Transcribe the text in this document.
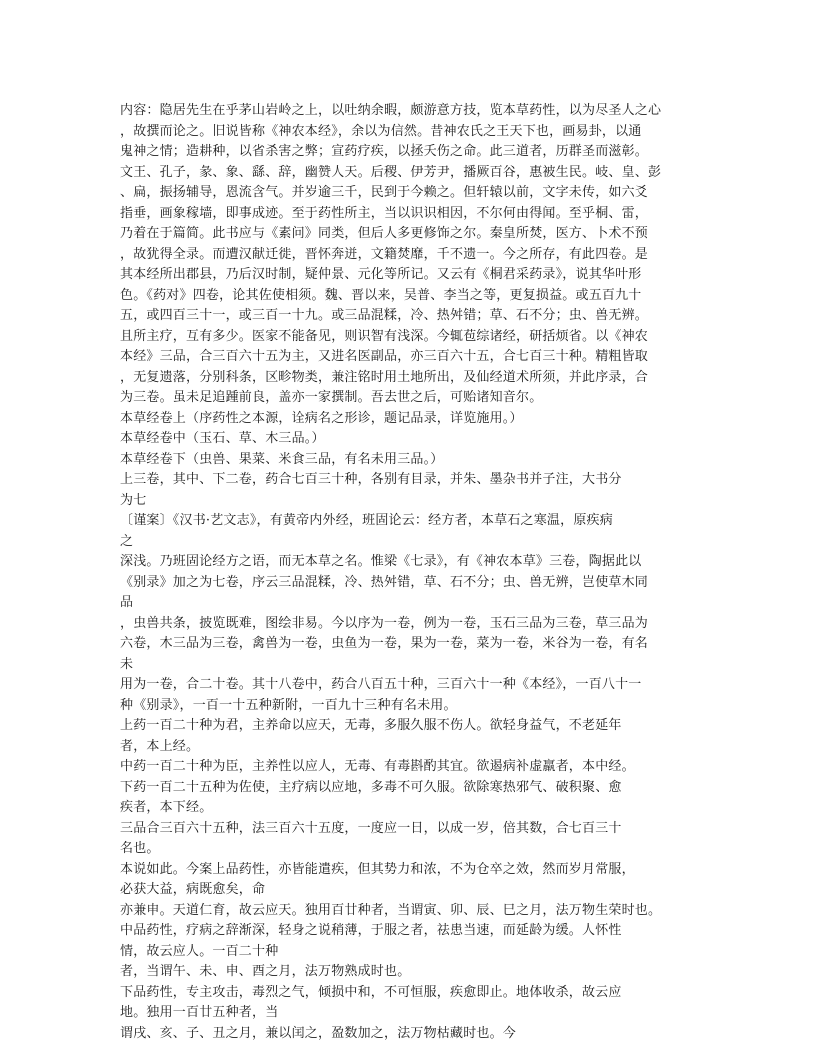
内容：隐居先生在乎茅山岩岭之上，以吐纳余暇，颇游意方技，览本草药性，以为尽圣人之心
，故撰而论之。旧说皆称《神农本经》，余以为信然。昔神农氏之王天下也，画易卦，以通
鬼神之情；造耕种，以省杀害之弊；宣药疗疾，以拯夭伤之命。此三道者，历群圣而滋彰。
文王、孔子，彖、象、繇、辞，幽赞人天。后稷、伊芳尹，播厥百谷，惠被生民。岐、皇、彭
、扁，振扬辅导，恩流含气。并岁逾三千，民到于今赖之。但轩辕以前，文字未传，如六爻
指垂，画象稼墙，即事成迹。至于药性所主，当以识识相因，不尔何由得闻。至乎桐、雷，
乃着在于篇简。此书应与《素问》同类，但后人多更修饰之尔。秦皇所焚，医方、卜术不预
，故犹得全录。而遭汉献迁徙，晋怀奔迸，文籍焚靡，千不遗一。今之所存，有此四卷。是
其本经所出郡县，乃后汉时制，疑仲景、元化等所记。又云有《桐君采药录》，说其华叶形
色。《药对》四卷，论其佐使相须。魏、晋以来，吴普、李当之等，更复损益。或五百九十
五，或四百三十一，或三百一十九。或三品混糅，冷、热舛错；草、石不分；虫、兽无辨。
且所主疗，互有多少。医家不能备见，则识智有浅深。今辄苞综诸经，研括烦省。以《神农
本经》三品，合三百六十五为主，又进名医副品，亦三百六十五，合七百三十种。精粗皆取
，无复遗落，分别科条，区畛物类，兼注铭时用土地所出，及仙经道术所须，并此序录，合
为三卷。虽未足追踵前良，盖亦一家撰制。吾去世之后，可贻诸知音尔。
本草经卷上（序药性之本源，诠病名之形诊，题记品录，详览施用。）
本草经卷中（玉石、草、木三品。）
本草经卷下（虫兽、果菜、米食三品，有名未用三品。）
上三卷，其中、下二卷，药合七百三十种，各别有目录，并朱、墨杂书并子注，大书分
为七
〔谨案〕《汉书·艺文志》，有黄帝内外经，班固论云：经方者，本草石之寒温，原疾病
之
深浅。乃班固论经方之语，而无本草之名。惟梁《七录》，有《神农本草》三卷，陶据此以
《别录》加之为七卷，序云三品混糅，冷、热舛错，草、石不分；虫、兽无辨，岂使草木同
品
，虫兽共条，披览既难，图绘非易。今以序为一卷，例为一卷，玉石三品为三卷，草三品为
六卷，木三品为三卷，禽兽为一卷，虫鱼为一卷，果为一卷，菜为一卷，米谷为一卷，有名
未
用为一卷，合二十卷。其十八卷中，药合八百五十种，三百六十一种《本经》，一百八十一
种《别录》，一百一十五种新附，一百九十三种有名未用。
上药一百二十种为君，主养命以应天，无毒，多服久服不伤人。欲轻身益气，不老延年
者，本上经。
中药一百二十种为臣，主养性以应人，无毒、有毒斟酌其宜。欲遏病补虚羸者，本中经。
下药一百二十五种为佐使，主疗病以应地，多毒不可久服。欲除寒热邪气、破积聚、愈
疾者，本下经。
三品合三百六十五种，法三百六十五度，一度应一日，以成一岁，倍其数，合七百三十
名也。
本说如此。今案上品药性，亦皆能遣疾，但其势力和浓，不为仓卒之效，然而岁月常服，
必获大益，病既愈矣，命
亦兼申。天道仁育，故云应天。独用百廿种者，当谓寅、卯、辰、巳之月，法万物生荣时也。
中品药性，疗病之辞渐深，轻身之说稍薄，于服之者，祛患当速，而延龄为缓。人怀性
情，故云应人。一百二十种
者，当谓午、未、申、酉之月，法万物熟成时也。
下品药性，专主攻击，毒烈之气，倾损中和，不可恒服，疾愈即止。地体收杀，故云应
地。独用一百廿五种者，当
谓戌、亥、子、丑之月，兼以闰之，盈数加之，法万物枯藏时也。今
